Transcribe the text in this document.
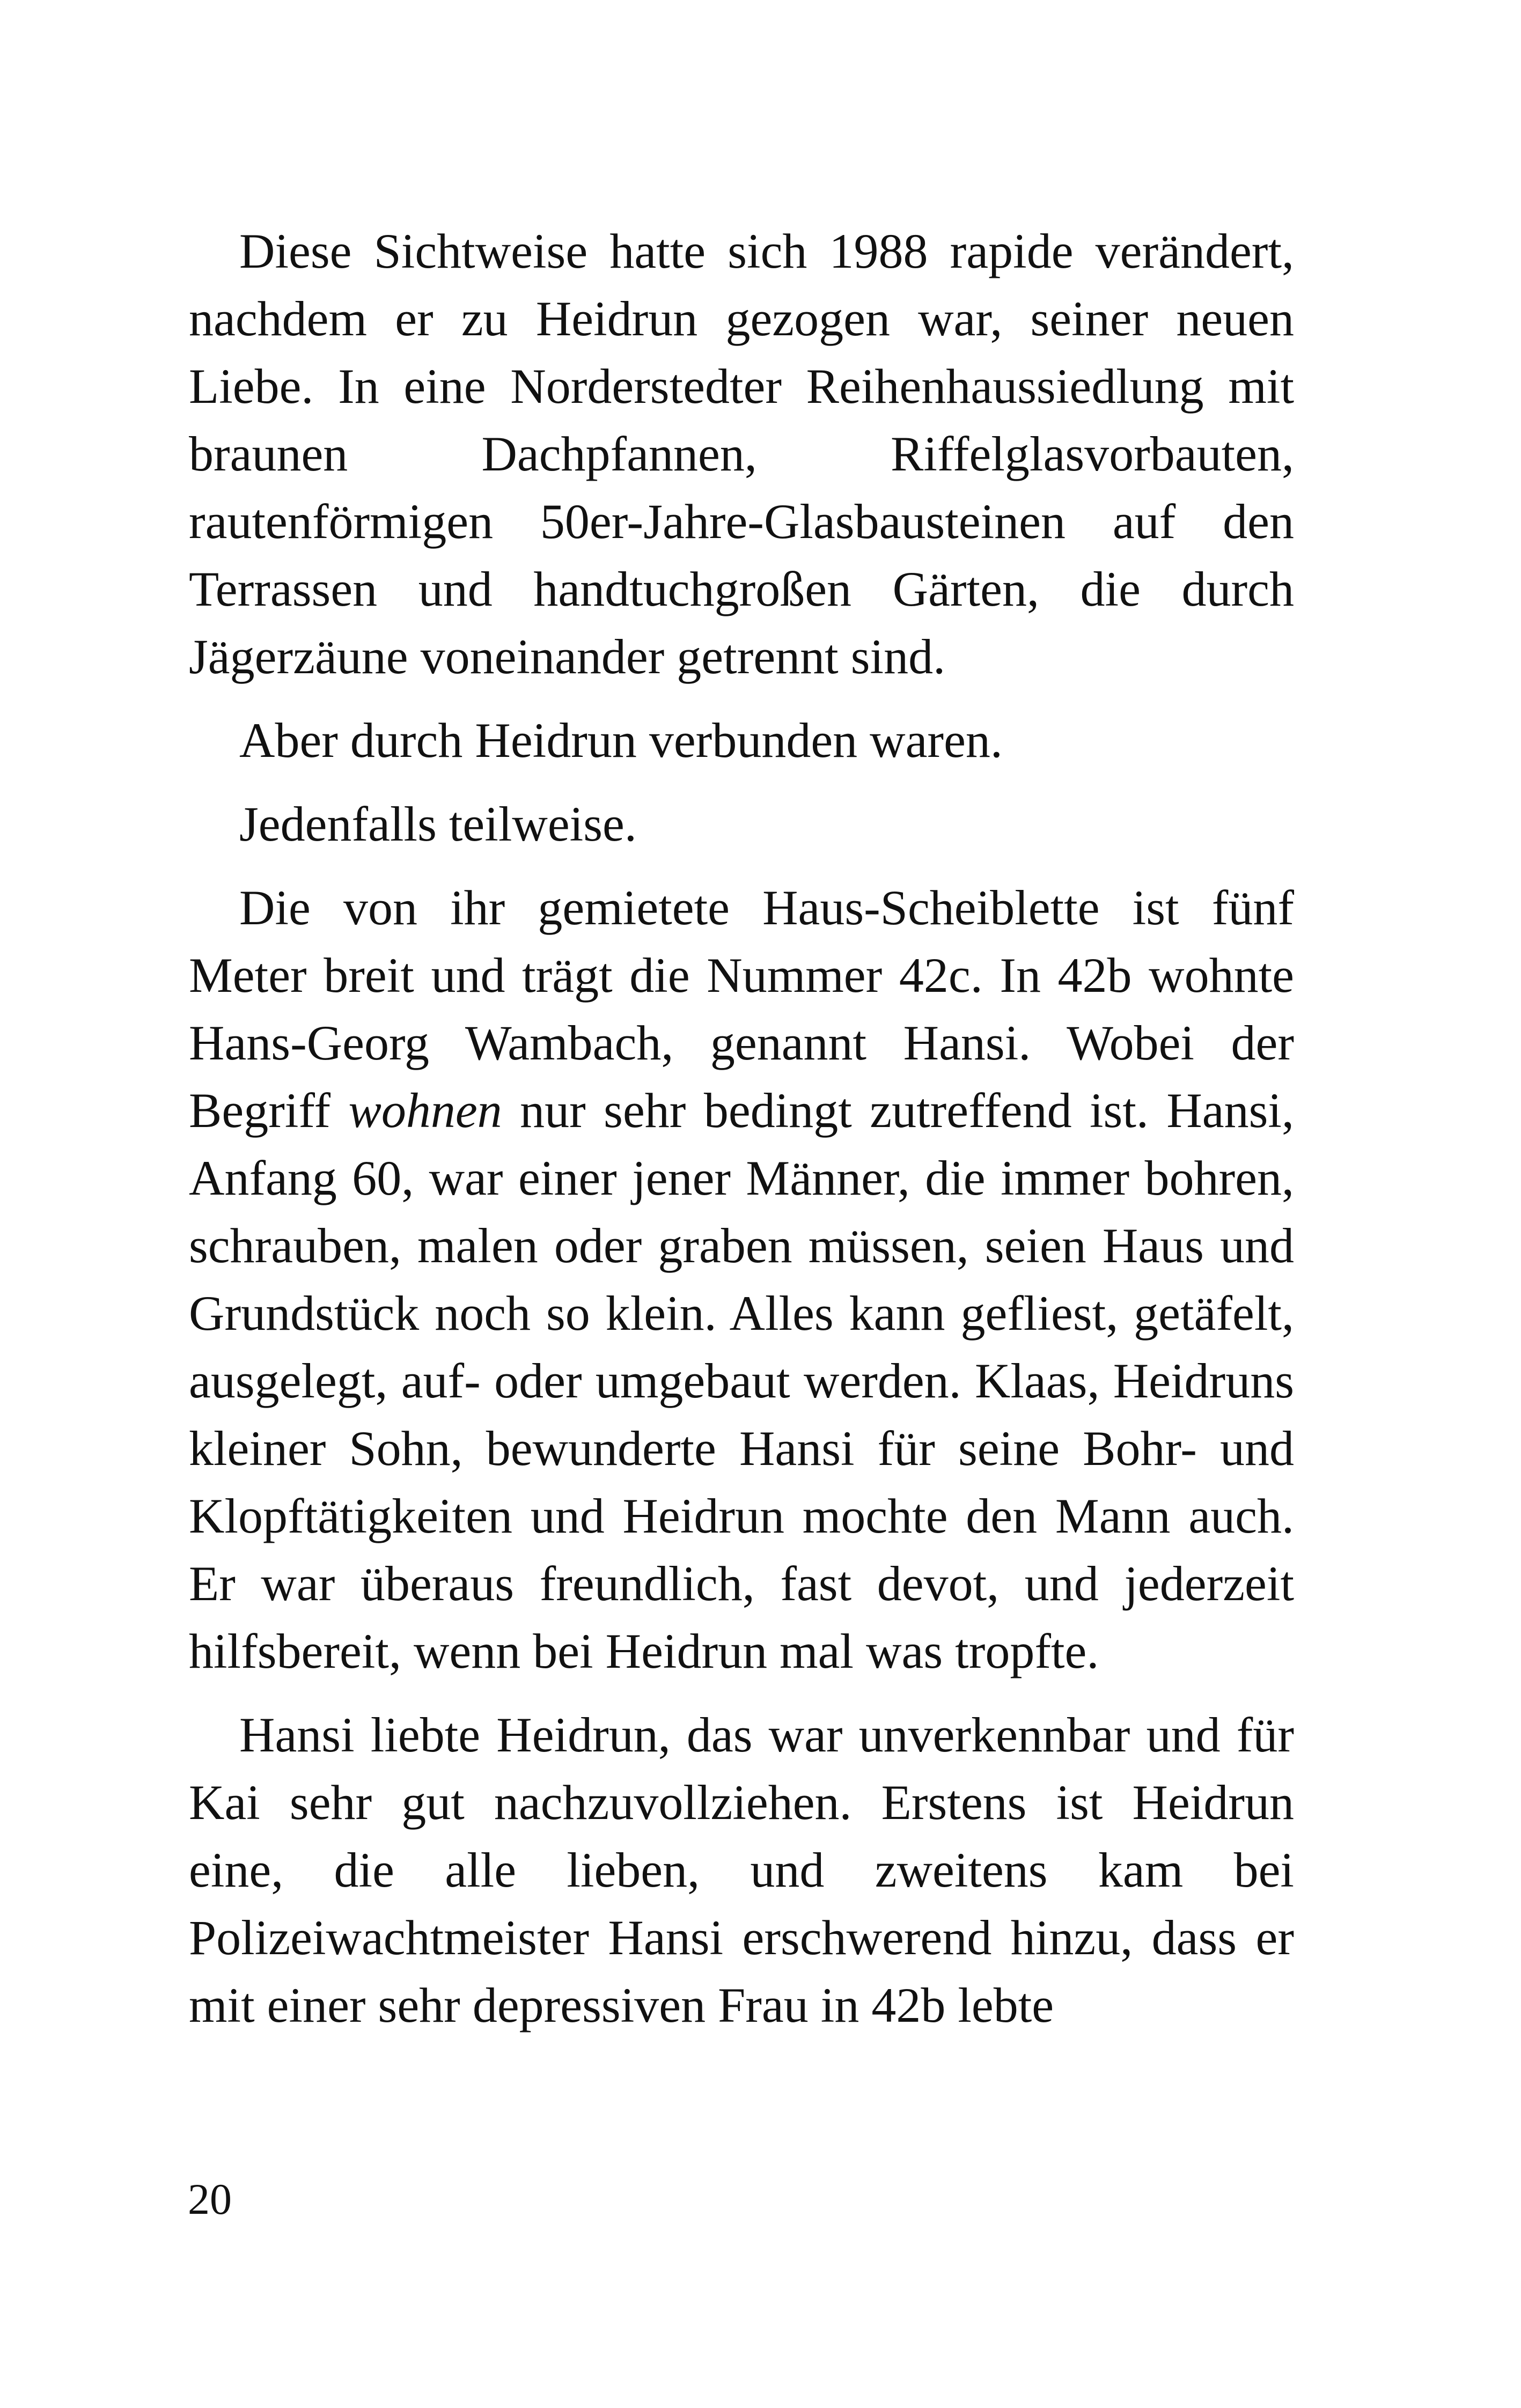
Diese Sichtweise hatte sich 1988 rapide verändert, nachdem er zu Heidrun gezogen war, seiner neuen Liebe. In eine Norderstedter Reihenhaussiedlung mit braunen Dachpfannen, Riffelglasvorbauten, rautenförmigen 50er-Jahre-Glasbausteinen auf den Terrassen und handtuchgroßen Gärten, die durch Jägerzäune voneinander getrennt sind.

Aber durch Heidrun verbunden waren.

Jedenfalls teilweise.

Die von ihr gemietete Haus-Scheiblette ist fünf Meter breit und trägt die Nummer 42c. In 42b wohnte Hans-Georg Wambach, genannt Hansi. Wobei der Begriff wohnen nur sehr bedingt zutreffend ist. Hansi, Anfang 60, war einer jener Männer, die immer bohren, schrauben, malen oder graben müssen, seien Haus und Grundstück noch so klein. Alles kann gefliest, getäfelt, ausgelegt, auf- oder umgebaut werden. Klaas, Heidruns kleiner Sohn, bewunderte Hansi für seine Bohr- und Klopftätigkeiten und Heidrun mochte den Mann auch. Er war überaus freundlich, fast devot, und jederzeit hilfsbereit, wenn bei Heidrun mal was tropfte.

Hansi liebte Heidrun, das war unverkennbar und für Kai sehr gut nachzuvollziehen. Erstens ist Heidrun eine, die alle lieben, und zweitens kam bei Polizeiwachtmeister Hansi erschwerend hinzu, dass er mit einer sehr depressiven Frau in 42b lebte

20
